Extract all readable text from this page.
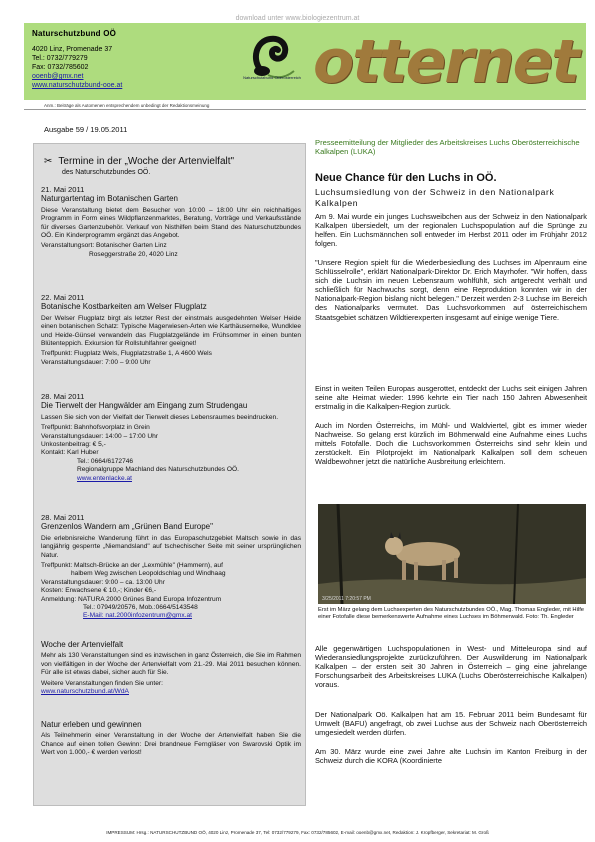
download unter www.biologiezentrum.at
Naturschutzbund OÖ
4020 Linz, Promenade 37
Tel.: 0732/779279
Fax: 0732/785602
ooenb@gmx.net
www.naturschutzbund-ooe.at
Naturschutzbund Oberösterreich otternet
Anm.: Beiträge als Automenen entsprechendem unbedingt der Redaktionsmeinung
Ausgabe 59 / 19.05.2011
✂ Termine in der „Woche der Artenvielfalt"
des Naturschutzbundes OÖ.
21. Mai 2011
Naturgartentag im Botanischen Garten
Diese Veranstaltung bietet dem Besucher von 10:00 – 18:00 Uhr ein reichhaltiges Programm in Form eines Wildpflanzenmarktes, Beratung, Vorträge und Verkaufsstände für diverses Gartenzubehör. Verkauf von Nisthilfen beim Stand des Naturschutzbundes OÖ. Ein Kinderprogramm ergänzt das Angebot.
Veranstaltungsort: Botanischer Garten Linz
Roseggerstraße 20, 4020 Linz
22. Mai 2011
Botanische Kostbarkeiten am Welser Flugplatz
Der Welser Flugplatz birgt als letzter Rest der einstmals ausgedehnten Welser Heide einen botanischen Schatz: Typische Magerwiesen-Arten wie Karthäusernelke, Wundklee und Heide-Günsel verwandeln das Flugplatzgelände im Frühsommer in einen bunten Blütenteppich. Exkursion für Rollstuhlfahrer geeignet!
Treffpunkt: Flugplatz Wels, Flugplatzstraße 1, A 4600 Wels
Veranstaltungsdauer: 7:00 – 9:00 Uhr
28. Mai 2011
Die Tierwelt der Hangwälder am Eingang zum Strudengau
Lassen Sie sich von der Vielfalt der Tierwelt dieses Lebensraumes beeindrucken.
Treffpunkt: Bahnhofsvorplatz in Grein
Veranstaltungsdauer: 14:00 – 17:00 Uhr
Unkostenbeitrag: € 5,-
Kontakt: Karl Huber
Tel.: 0664/6172746
Regionalgruppe Machland des Naturschutzbundes OÖ.
www.entenlacke.at
28. Mai 2011
Grenzenlos Wandern am „Grünen Band Europe"
Die erlebnisreiche Wanderung führt in das Europaschutzgebiet Maltsch sowie in das langjährig gesperrte „Niemandsland" auf tschechischer Seite mit seiner ursprünglichen Natur.
Treffpunkt: Maltsch-Brücke an der „Lexmühle" (Hammern), auf
halbem Weg zwischen Leopoldschlag und Windhaag
Veranstaltungsdauer: 9:00 – ca. 13:00 Uhr
Kosten: Erwachsene € 10,-; Kinder €6,-
Anmeldung: NATURA 2000 Grünes Band Europa Infozentrum
Tel.: 07949/20576, Mob.:0664/5143548
E-Mail: nat.2000infozentrum@gmx.at
Woche der Artenvielfalt
Mehr als 130 Veranstaltungen sind es inzwischen in ganz Österreich, die Sie im Rahmen von vielfältigen in der Woche der Artenvielfalt vom 21.-29. Mai 2011 besuchen können. Für alle ist etwas dabei, sicher auch für Sie.
Weitere Veranstaltungen finden Sie unter:
www.naturschutzbund.at/WdA
Natur erleben und gewinnen
Als Teilnehmerin einer Veranstaltung in der Woche der Artenvielfalt haben Sie die Chance auf einen tollen Gewinn: Drei brandneue Ferngläser von Swarovski Optik im Wert von 1.000,- € werden verlost!
Presseemitteilung der Mitglieder des Arbeitskreises Luchs Oberösterreichische Kalkalpen (LUKA)
Neue Chance für den Luchs in OÖ.
Luchsumsiedlung von der Schweiz in den Nationalpark Kalkalpen
Am 9. Mai wurde ein junges Luchsweibchen aus der Schweiz in den Nationalpark Kalkalpen übersiedelt, um der regionalen Luchspopulation auf die Sprünge zu helfen. Ein Luchsmännchen soll entweder im Herbst 2011 oder im Frühjahr 2012 folgen.
"Unsere Region spielt für die Wiederbesiedlung des Luchses im Alpenraum eine Schlüsselrolle", erklärt Nationalpark-Direktor Dr. Erich Mayrhofer. "Wir hoffen, dass sich die Luchsin im neuen Lebensraum wohlfühlt, sich artgerecht verhält und schließlich für Nachwuchs sorgt, denn eine Reproduktion konnten wir in der Nationalpark-Region bislang nicht belegen." Derzeit werden 2-3 Luchse im Bereich des Nationalparks vermutet. Das Luchsvorkommen auf österreichischem Staatsgebiet schätzen Wildtierexperten insgesamt auf einige wenige Tiere.
Einst in weiten Teilen Europas ausgerottet, entdeckt der Luchs seit einigen Jahren seine alte Heimat wieder: 1996 kehrte ein Tier nach 150 Jahren Abwesenheit erstmalig in die Kalkalpen-Region zurück.
Auch im Norden Österreichs, im Mühl- und Waldviertel, gibt es immer wieder Nachweise. So gelang erst kürzlich im Böhmerwald eine Aufnahme eines Luchs mittels Fotofalle. Doch die Luchsvorkommen Österreichs sind sehr klein und zerstückelt. Ein Pilotprojekt im Nationalpark Kalkalpen soll dem scheuen Waldbewohner jetzt die natürliche Ausbreitung erleichtern.
3/25/2011 7:20:57 PM
Erst im März gelang dem Luchsexperten des Naturschutzbundes OÖ., Mag. Thomas Engleder, mit Hilfe einer Fotofalle diese bemerkenswerte Aufnahme eines Luchses im Böhmerwald. Foto: Th. Engleder
Alle gegenwärtigen Luchspopulationen in West- und Mitteleuropa sind auf Wiederansiedlungsprojekte zurückzuführen. Der Auswilderung im Nationalpark Kalkalpen – der ersten seit 30 Jahren in Österreich – ging eine jahrelange Forschungsarbeit des Arbeitskreises LUKA (Luchs Oberösterreichische Kalkalpen) voraus.
Der Nationalpark Oö. Kalkalpen hat am 15. Februar 2011 beim Bundesamt für Umwelt (BAFU) angefragt, ob zwei Luchse aus der Schweiz nach Oberösterreich umgesiedelt werden dürfen.
Am 30. März wurde eine zwei Jahre alte Luchsin im Kanton Freiburg in der Schweiz durch die KORA (Koordinierte
IMPRESSUM: Hrsg.: NATURSCHUTZBUND OÖ, 4020 Linz, Promenade 37, Tel: 0732/779279, Fax: 0732/785602, E-mail: ooenb@gmx.net, Redaktion: J. Kropfberger, Sekretariat: M. Groß
